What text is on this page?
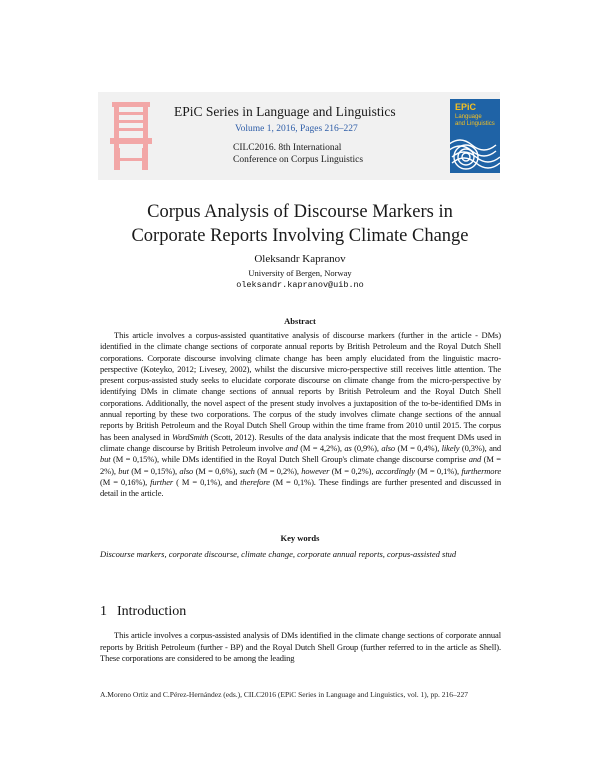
EPiC Series in Language and Linguistics
Volume 1, 2016, Pages 216–227
CILC2016. 8th International
Conference on Corpus Linguistics
EPiC
Language
and Linguistics
Corpus Analysis of Discourse Markers in
Corporate Reports Involving Climate Change
Oleksandr Kapranov
University of Bergen, Norway
oleksandr.kapranov@uib.no
Abstract

This article involves a corpus-assisted quantitative analysis of discourse markers (further in the article - DMs) identified in the climate change sections of corporate annual reports by British Petroleum and the Royal Dutch Shell corporations. Corporate discourse involving climate change has been amply elucidated from the linguistic macro-perspective (Koteyko, 2012; Livesey, 2002), whilst the discursive micro-perspective still receives little attention. The present corpus-assisted study seeks to elucidate corporate discourse on climate change from the micro-perspective by identifying DMs in climate change sections of annual reports by British Petroleum and the Royal Dutch Shell corporations. Additionally, the novel aspect of the present study involves a juxtaposition of the to-be-identified DMs in annual reporting by these two corporations. The corpus of the study involves climate change sections of the annual reports by British Petroleum and the Royal Dutch Shell Group within the time frame from 2010 until 2015. The corpus has been analysed in WordSmith (Scott, 2012). Results of the data analysis indicate that the most frequent DMs used in climate change discourse by British Petroleum involve and (M = 4,2%), as (0,9%), also (M = 0,4%), likely (0,3%), and but (M = 0,15%), while DMs identified in the Royal Dutch Shell Group's climate change discourse comprise and (M = 2%), but (M = 0,15%), also (M = 0,6%), such (M = 0,2%), however (M = 0,2%), accordingly (M = 0,1%), furthermore (M = 0,16%), further ( M = 0,1%), and therefore (M = 0,1%). These findings are further presented and discussed in detail in the article.

Key words

Discourse markers, corporate discourse, climate change, corporate annual reports, corpus-assisted stud

1 Introduction

This article involves a corpus-assisted analysis of DMs identified in the climate change sections of corporate annual reports by British Petroleum (further - BP) and the Royal Dutch Shell Group (further referred to in the article as Shell). These corporations are considered to be among the leading

A.Moreno Ortiz and C.Pérez-Hernández (eds.), CILC2016 (EPiC Series in Language and Linguistics, vol. 1), pp. 216–227
